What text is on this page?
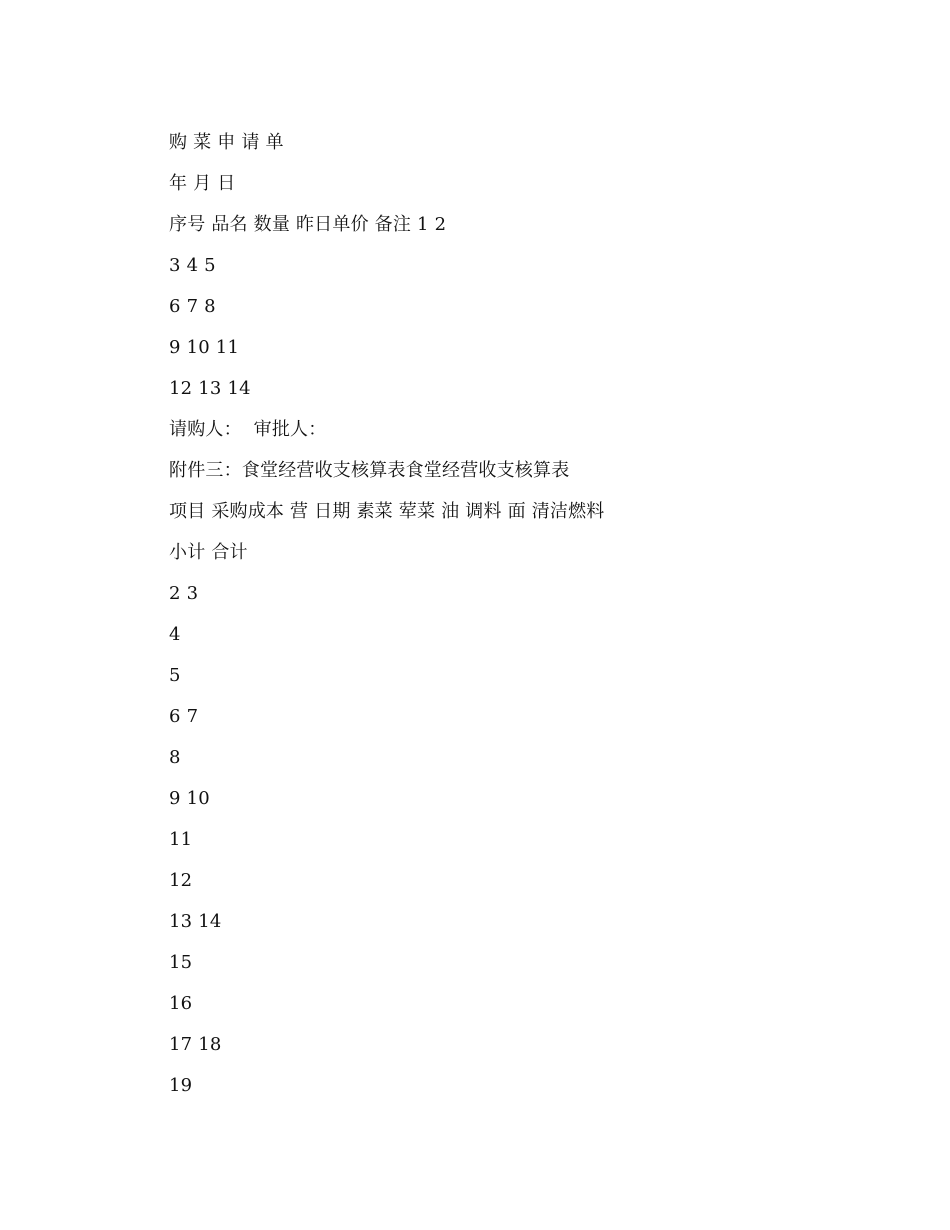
购 菜 申 请 单
年 月 日
序号 品名 数量 昨日单价 备注 1 2
3 4 5
6 7 8
9 10 11
12 13 14
请购人：  审批人：
附件三：食堂经营收支核算表食堂经营收支核算表
项目 采购成本 营 日期 素菜 荤菜 油 调料 面 清洁燃料
小计 合计
2 3
4
5
6 7
8
9 10
11
12
13 14
15
16
17 18
19
